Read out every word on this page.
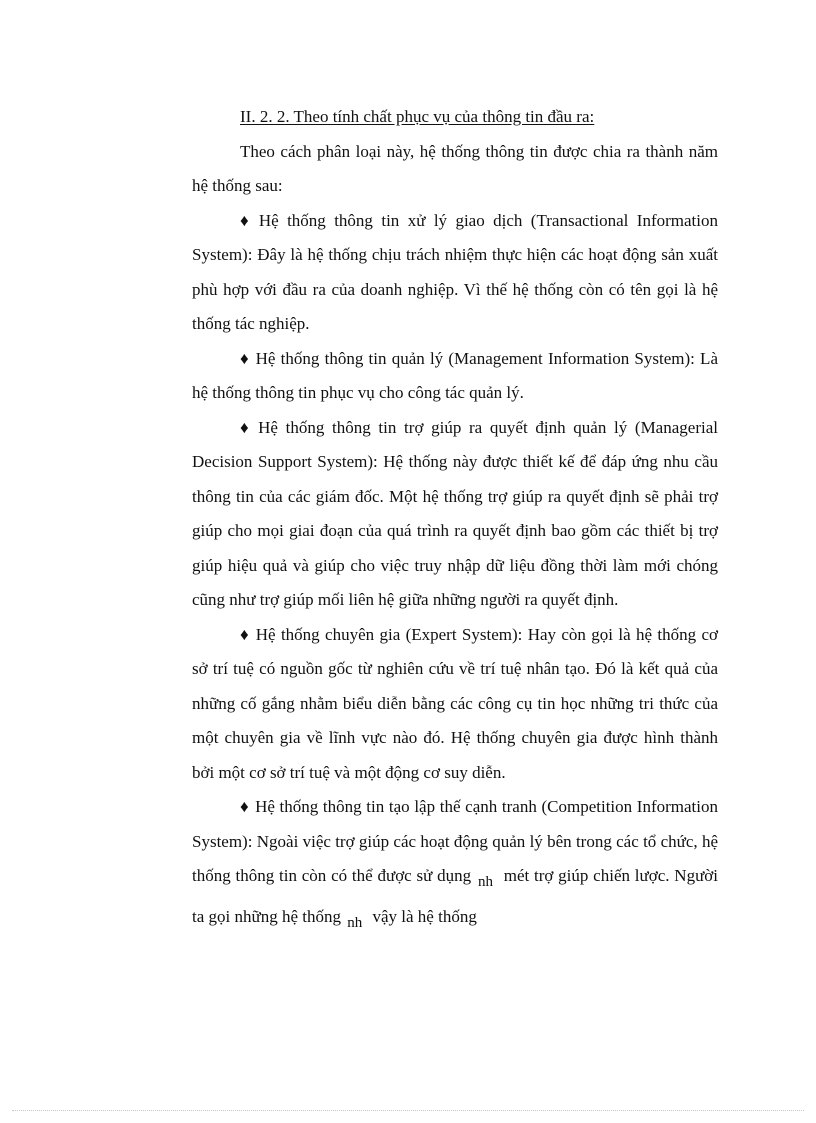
II. 2. 2. Theo tính chất phục vụ của thông tin đầu ra:

Theo cách phân loại này, hệ thống thông tin được chia ra thành năm hệ thống sau:

♦ Hệ thống thông tin xử lý giao dịch (Transactional Information System): Đây là hệ thống chịu trách nhiệm thực hiện các hoạt động sản xuất phù hợp với đầu ra của doanh nghiệp. Vì thế hệ thống còn có tên gọi là hệ thống tác nghiệp.

♦ Hệ thống thông tin quản lý (Management Information System): Là hệ thống thông tin phục vụ cho công tác quản lý.

♦ Hệ thống thông tin trợ giúp ra quyết định quản lý (Managerial Decision Support System): Hệ thống này được thiết kế để đáp ứng nhu cầu thông tin của các giám đốc. Một hệ thống trợ giúp ra quyết định sẽ phải trợ giúp cho mọi giai đoạn của quá trình ra quyết định bao gồm các thiết bị trợ giúp hiệu quả và giúp cho việc truy nhập dữ liệu đồng thời làm mới chóng cũng như trợ giúp mối liên hệ giữa những người ra quyết định.

♦ Hệ thống chuyên gia (Expert System): Hay còn gọi là hệ thống cơ sở trí tuệ có nguồn gốc từ nghiên cứu về trí tuệ nhân tạo. Đó là kết quả của những cố gắng nhằm biểu diễn bằng các công cụ tin học những tri thức của một chuyên gia về lĩnh vực nào đó. Hệ thống chuyên gia được hình thành bởi một cơ sở trí tuệ và một động cơ suy diễn.

♦ Hệ thống thông tin tạo lập thế cạnh tranh (Competition Information System): Ngoài việc trợ giúp các hoạt động quản lý bên trong các tổ chức, hệ thống thông tin còn có thể được sử dụng nh mét trợ giúp chiến lược. Người ta gọi những hệ thống nh vậy là hệ thống
